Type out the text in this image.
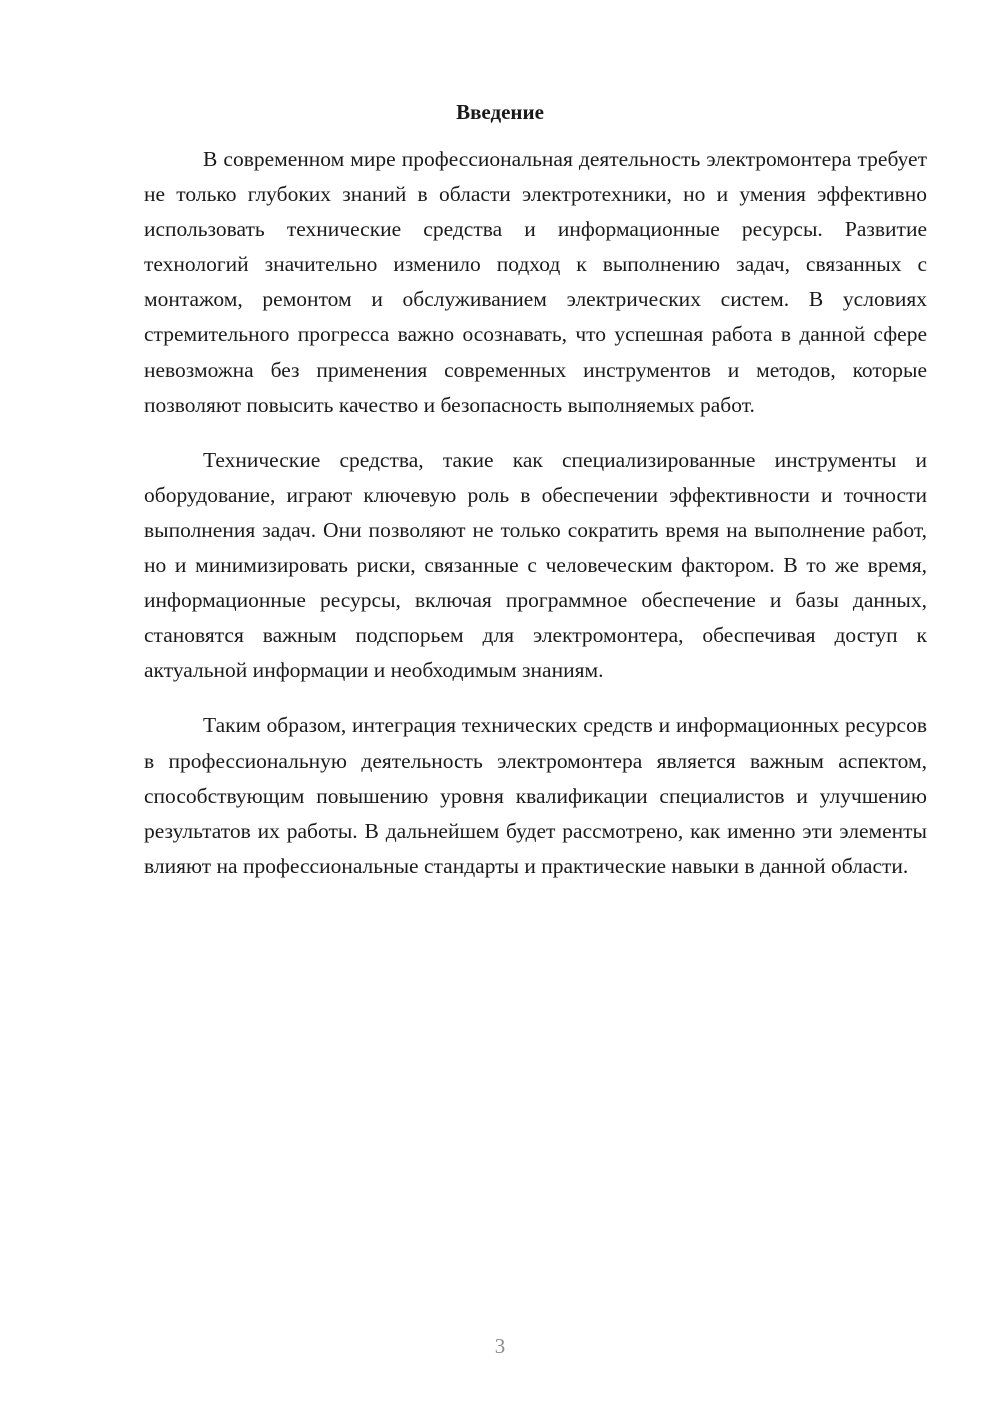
Введение

В современном мире профессиональная деятельность электромонтера требует не только глубоких знаний в области электротехники, но и умения эффективно использовать технические средства и информационные ресурсы. Развитие технологий значительно изменило подход к выполнению задач, связанных с монтажом, ремонтом и обслуживанием электрических систем. В условиях стремительного прогресса важно осознавать, что успешная работа в данной сфере невозможна без применения современных инструментов и методов, которые позволяют повысить качество и безопасность выполняемых работ.

Технические средства, такие как специализированные инструменты и оборудование, играют ключевую роль в обеспечении эффективности и точности выполнения задач. Они позволяют не только сократить время на выполнение работ, но и минимизировать риски, связанные с человеческим фактором. В то же время, информационные ресурсы, включая программное обеспечение и базы данных, становятся важным подспорьем для электромонтера, обеспечивая доступ к актуальной информации и необходимым знаниям.

Таким образом, интеграция технических средств и информационных ресурсов в профессиональную деятельность электромонтера является важным аспектом, способствующим повышению уровня квалификации специалистов и улучшению результатов их работы. В дальнейшем будет рассмотрено, как именно эти элементы влияют на профессиональные стандарты и практические навыки в данной области.

3
